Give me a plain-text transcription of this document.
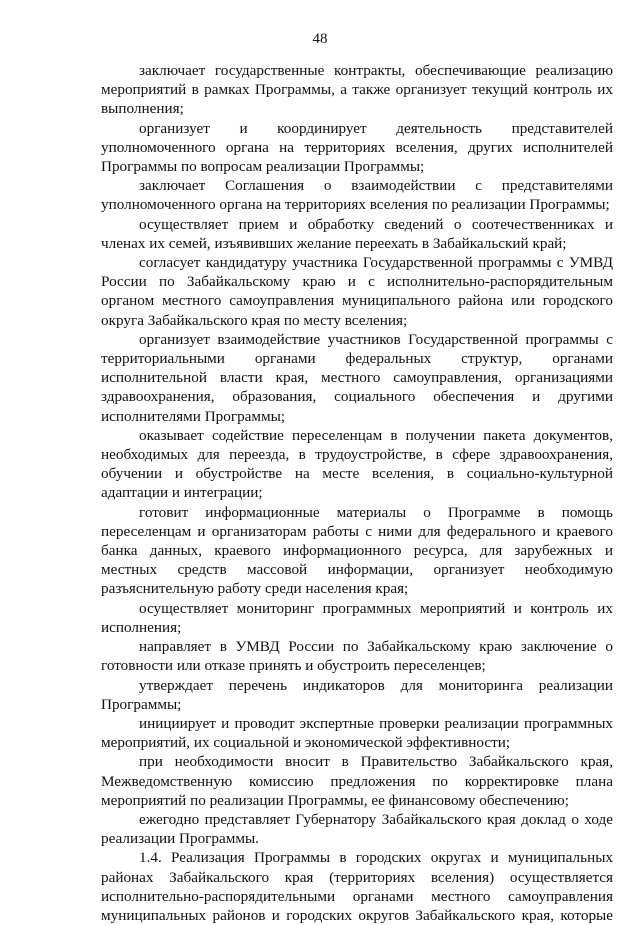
48

заключает государственные контракты, обеспечивающие реализацию мероприятий в рамках Программы, а также организует текущий контроль их выполнения;

организует и координирует деятельность представителей уполномоченного органа на территориях вселения, других исполнителей Программы по вопросам реализации Программы;

заключает Соглашения о взаимодействии с представителями уполномоченного органа на территориях вселения по реализации Программы;

осуществляет прием и обработку сведений о соотечественниках и членах их семей, изъявивших желание переехать в Забайкальский край;

согласует кандидатуру участника Государственной программы с УМВД России по Забайкальскому краю и с исполнительно-распорядительным органом местного самоуправления муниципального района или городского округа Забайкальского края по месту вселения;

организует взаимодействие участников Государственной программы с территориальными органами федеральных структур, органами исполнительной власти края, местного самоуправления, организациями здравоохранения, образования, социального обеспечения и другими исполнителями Программы;

оказывает содействие переселенцам в получении пакета документов, необходимых для переезда, в трудоустройстве, в сфере здравоохранения, обучении и обустройстве на месте вселения, в социально-культурной адаптации и интеграции;

готовит информационные материалы о Программе в помощь переселенцам и организаторам работы с ними для федерального и краевого банка данных, краевого информационного ресурса, для зарубежных и местных средств массовой информации, организует необходимую разъяснительную работу среди населения края;

осуществляет мониторинг программных мероприятий и контроль их исполнения;

направляет в УМВД России по Забайкальскому краю заключение о готовности или отказе принять и обустроить переселенцев;

утверждает перечень индикаторов для мониторинга реализации Программы;

инициирует и проводит экспертные проверки реализации программных мероприятий, их социальной и экономической эффективности;

при необходимости вносит в Правительство Забайкальского края, Межведомственную комиссию предложения по корректировке плана мероприятий по реализации Программы, ее финансовому обеспечению;

ежегодно представляет Губернатору Забайкальского края доклад о ходе реализации Программы.

1.4. Реализация Программы в городских округах и муниципальных районах Забайкальского края (территориях вселения) осуществляется исполнительно-распорядительными органами местного самоуправления муниципальных районов и городских округов Забайкальского края, которые
